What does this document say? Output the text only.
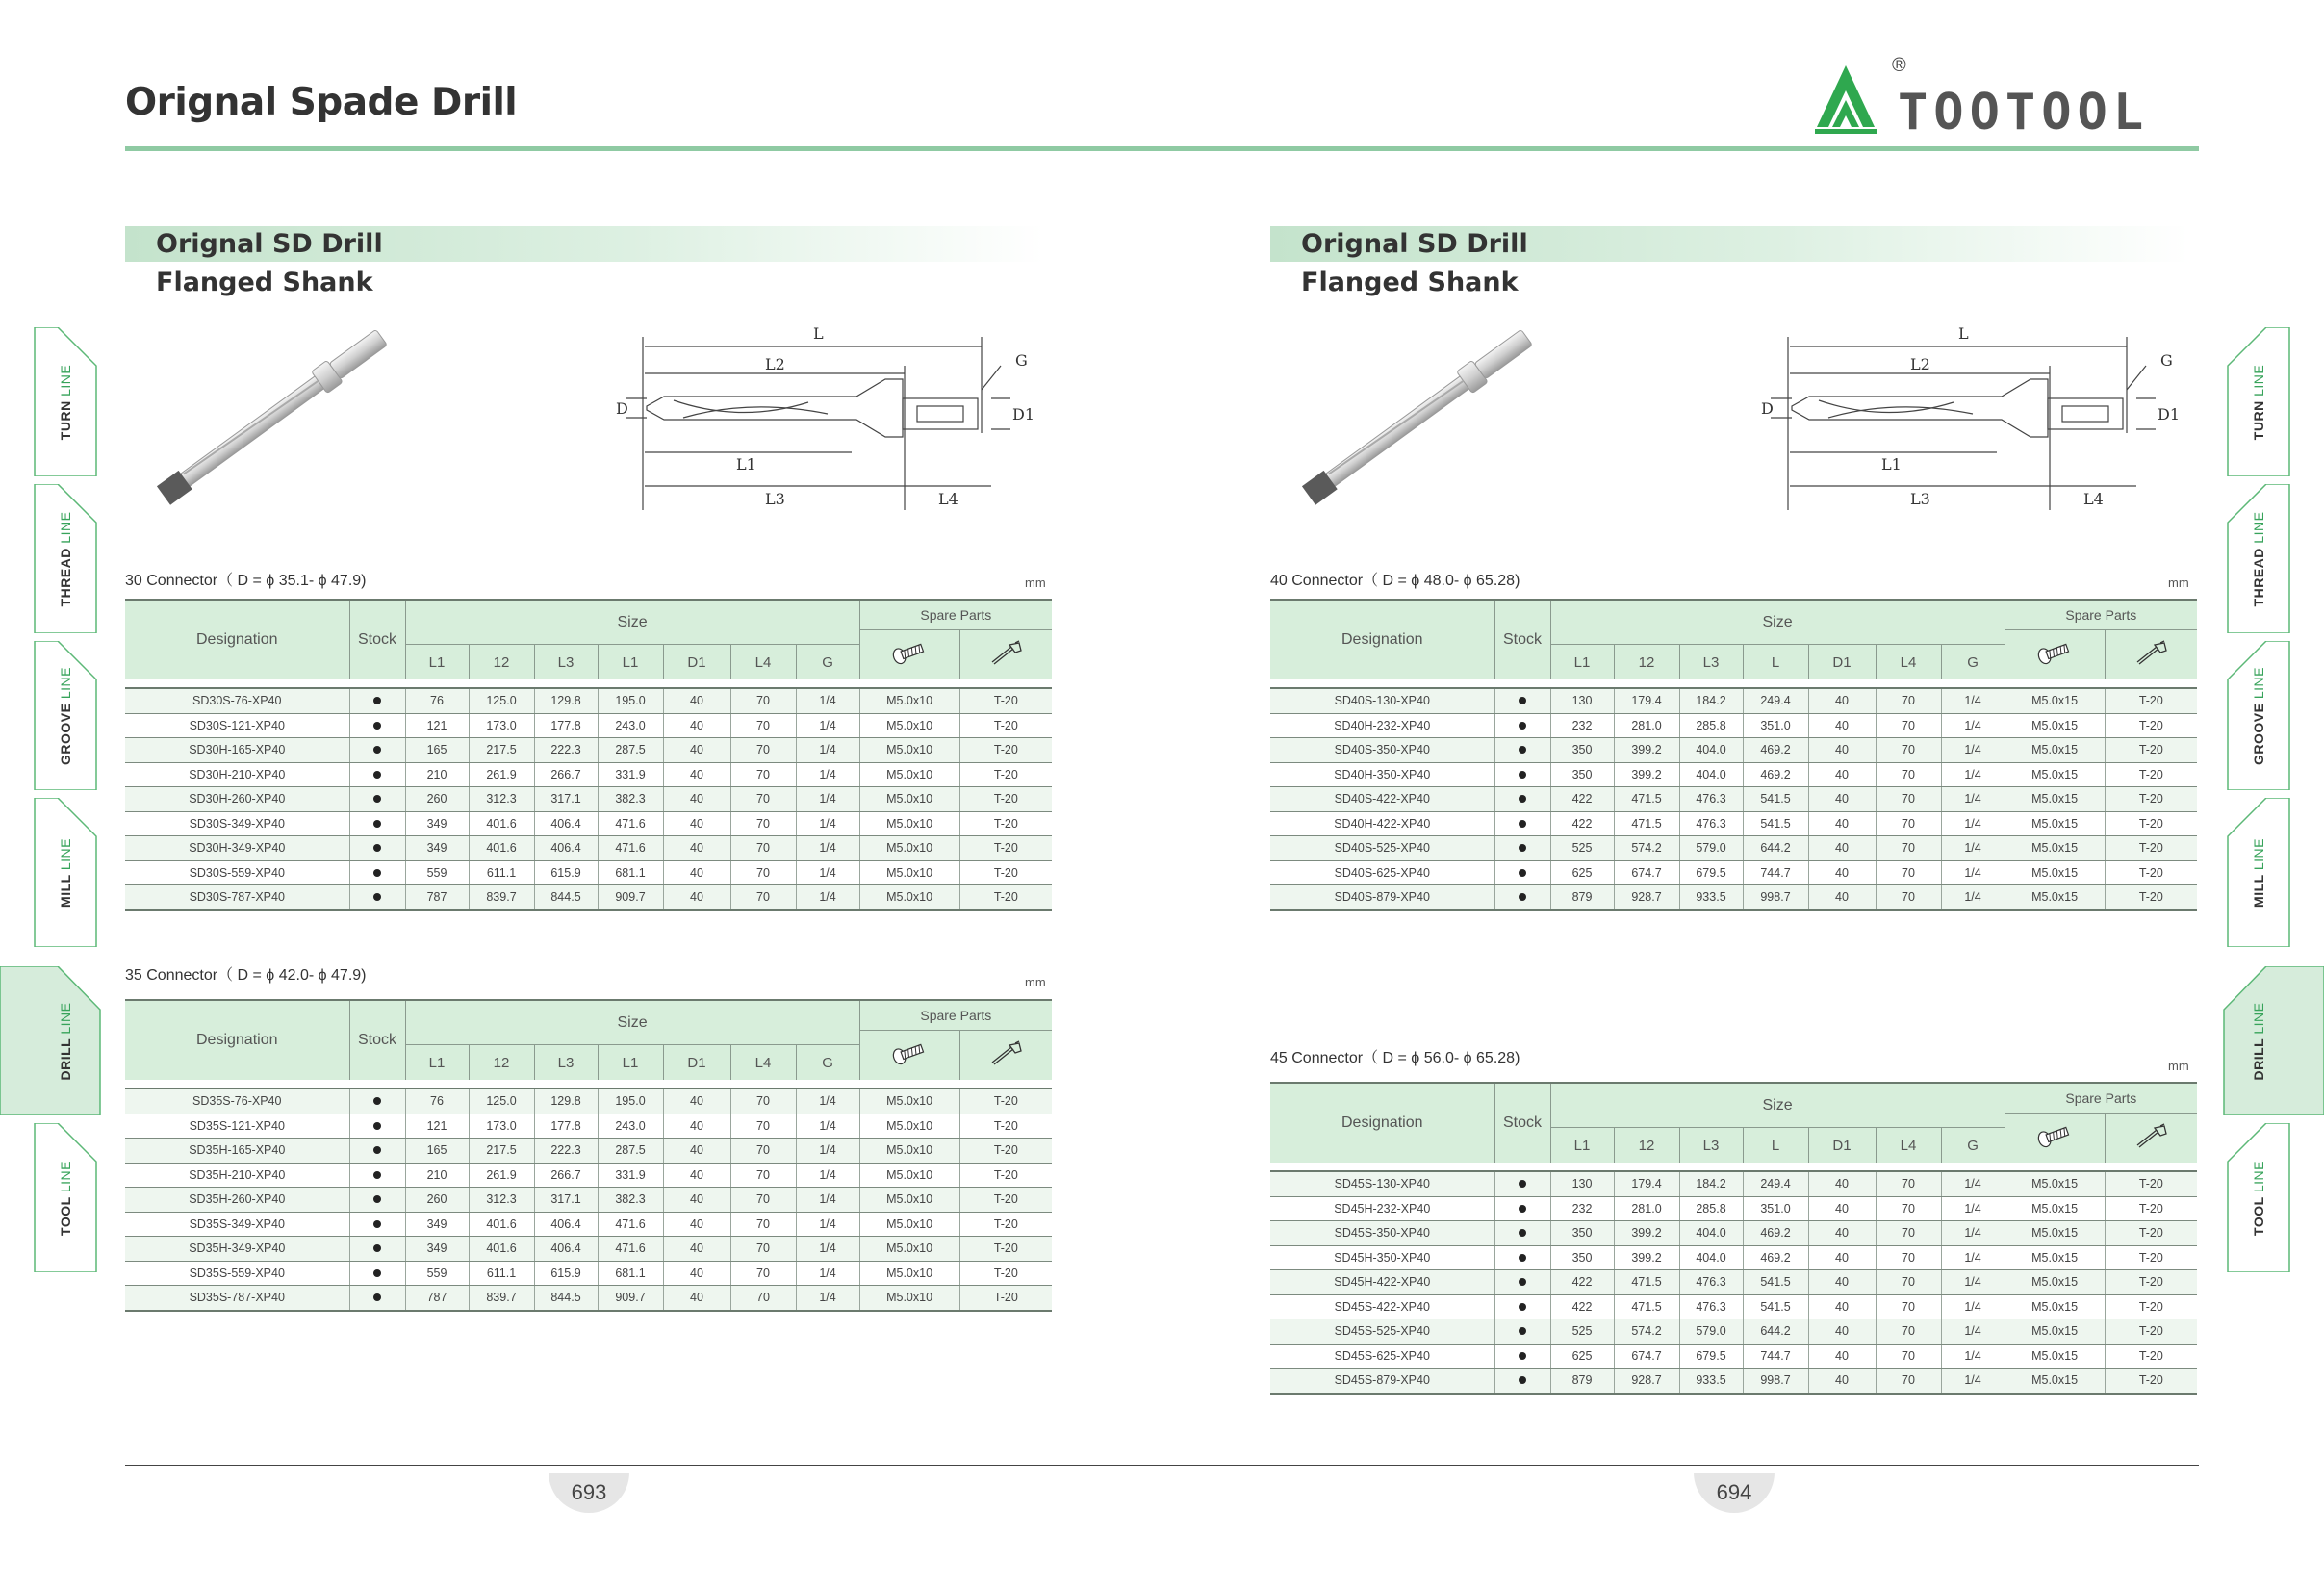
Orignal Spade Drill
®
TOOTOOL
TURN LINE
THREAD LINE
GROOVE LINE
MILL LINE
DRILL LINE
TOOL LINE
TURN LINE
THREAD LINE
GROOVE LINE
MILL LINE
DRILL LINE
TOOL LINE
Orignal SD Drill
Flanged Shank
L
L2
L1
L3	L4
D	D1
G
30 Connector（ D = ϕ 35.1- ϕ 47.9)	mm
Designation	Stock	Size							Spare Parts	

		L1	12	L3	L1	D1	L4	G		

SD30S-76-XP40		76	125.0	129.8	195.0	40	70	1/4	M5.0x10	T-20
SD30S-121-XP40		121	173.0	177.8	243.0	40	70	1/4	M5.0x10	T-20
SD30H-165-XP40		165	217.5	222.3	287.5	40	70	1/4	M5.0x10	T-20
SD30H-210-XP40		210	261.9	266.7	331.9	40	70	1/4	M5.0x10	T-20
SD30H-260-XP40		260	312.3	317.1	382.3	40	70	1/4	M5.0x10	T-20
SD30S-349-XP40		349	401.6	406.4	471.6	40	70	1/4	M5.0x10	T-20
SD30H-349-XP40		349	401.6	406.4	471.6	40	70	1/4	M5.0x10	T-20
SD30S-559-XP40		559	611.1	615.9	681.1	40	70	1/4	M5.0x10	T-20
SD30S-787-XP40		787	839.7	844.5	909.7	40	70	1/4	M5.0x10	T-20
35 Connector（ D = ϕ 42.0- ϕ 47.9)	mm
Designation	Stock	Size							Spare Parts	

		L1	12	L3	L1	D1	L4	G		

SD35S-76-XP40		76	125.0	129.8	195.0	40	70	1/4	M5.0x10	T-20
SD35S-121-XP40		121	173.0	177.8	243.0	40	70	1/4	M5.0x10	T-20
SD35H-165-XP40		165	217.5	222.3	287.5	40	70	1/4	M5.0x10	T-20
SD35H-210-XP40		210	261.9	266.7	331.9	40	70	1/4	M5.0x10	T-20
SD35H-260-XP40		260	312.3	317.1	382.3	40	70	1/4	M5.0x10	T-20
SD35S-349-XP40		349	401.6	406.4	471.6	40	70	1/4	M5.0x10	T-20
SD35H-349-XP40		349	401.6	406.4	471.6	40	70	1/4	M5.0x10	T-20
SD35S-559-XP40		559	611.1	615.9	681.1	40	70	1/4	M5.0x10	T-20
SD35S-787-XP40		787	839.7	844.5	909.7	40	70	1/4	M5.0x10	T-20
Orignal SD Drill
Flanged Shank
L
L2
L1
L3	L4
D	D1
G
40 Connector（ D = ϕ 48.0- ϕ 65.28)	mm
Designation	Stock	Size							Spare Parts	

		L1	12	L3	L	D1	L4	G		

SD40S-130-XP40		130	179.4	184.2	249.4	40	70	1/4	M5.0x15	T-20
SD40H-232-XP40		232	281.0	285.8	351.0	40	70	1/4	M5.0x15	T-20
SD40S-350-XP40		350	399.2	404.0	469.2	40	70	1/4	M5.0x15	T-20
SD40H-350-XP40		350	399.2	404.0	469.2	40	70	1/4	M5.0x15	T-20
SD40S-422-XP40		422	471.5	476.3	541.5	40	70	1/4	M5.0x15	T-20
SD40H-422-XP40		422	471.5	476.3	541.5	40	70	1/4	M5.0x15	T-20
SD40S-525-XP40		525	574.2	579.0	644.2	40	70	1/4	M5.0x15	T-20
SD40S-625-XP40		625	674.7	679.5	744.7	40	70	1/4	M5.0x15	T-20
SD40S-879-XP40		879	928.7	933.5	998.7	40	70	1/4	M5.0x15	T-20
45 Connector（ D = ϕ 56.0- ϕ 65.28)	mm
Designation	Stock	Size							Spare Parts	

		L1	12	L3	L	D1	L4	G		

SD45S-130-XP40		130	179.4	184.2	249.4	40	70	1/4	M5.0x15	T-20
SD45H-232-XP40		232	281.0	285.8	351.0	40	70	1/4	M5.0x15	T-20
SD45S-350-XP40		350	399.2	404.0	469.2	40	70	1/4	M5.0x15	T-20
SD45H-350-XP40		350	399.2	404.0	469.2	40	70	1/4	M5.0x15	T-20
SD45H-422-XP40		422	471.5	476.3	541.5	40	70	1/4	M5.0x15	T-20
SD45S-422-XP40		422	471.5	476.3	541.5	40	70	1/4	M5.0x15	T-20
SD45S-525-XP40		525	574.2	579.0	644.2	40	70	1/4	M5.0x15	T-20
SD45S-625-XP40		625	674.7	679.5	744.7	40	70	1/4	M5.0x15	T-20
SD45S-879-XP40		879	928.7	933.5	998.7	40	70	1/4	M5.0x15	T-20
693	694
